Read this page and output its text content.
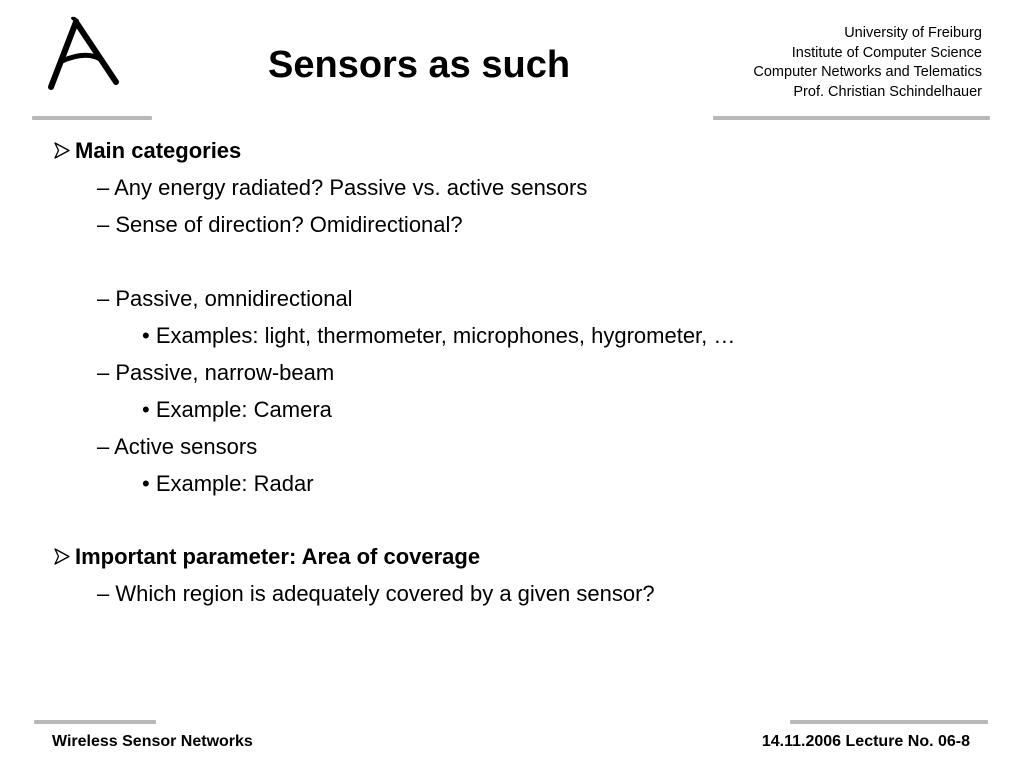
Sensors as such
University of Freiburg
Institute of Computer Science
Computer Networks and Telematics
Prof. Christian Schindelhauer
Main categories
– Any energy radiated? Passive vs. active sensors
– Sense of direction? Omidirectional?
– Passive, omnidirectional
• Examples: light, thermometer, microphones, hygrometer, …
– Passive, narrow-beam
• Example: Camera
– Active sensors
• Example: Radar
Important parameter: Area of coverage
– Which region is adequately covered by a given sensor?
Wireless Sensor Networks	14.11.2006 Lecture No. 06-8
